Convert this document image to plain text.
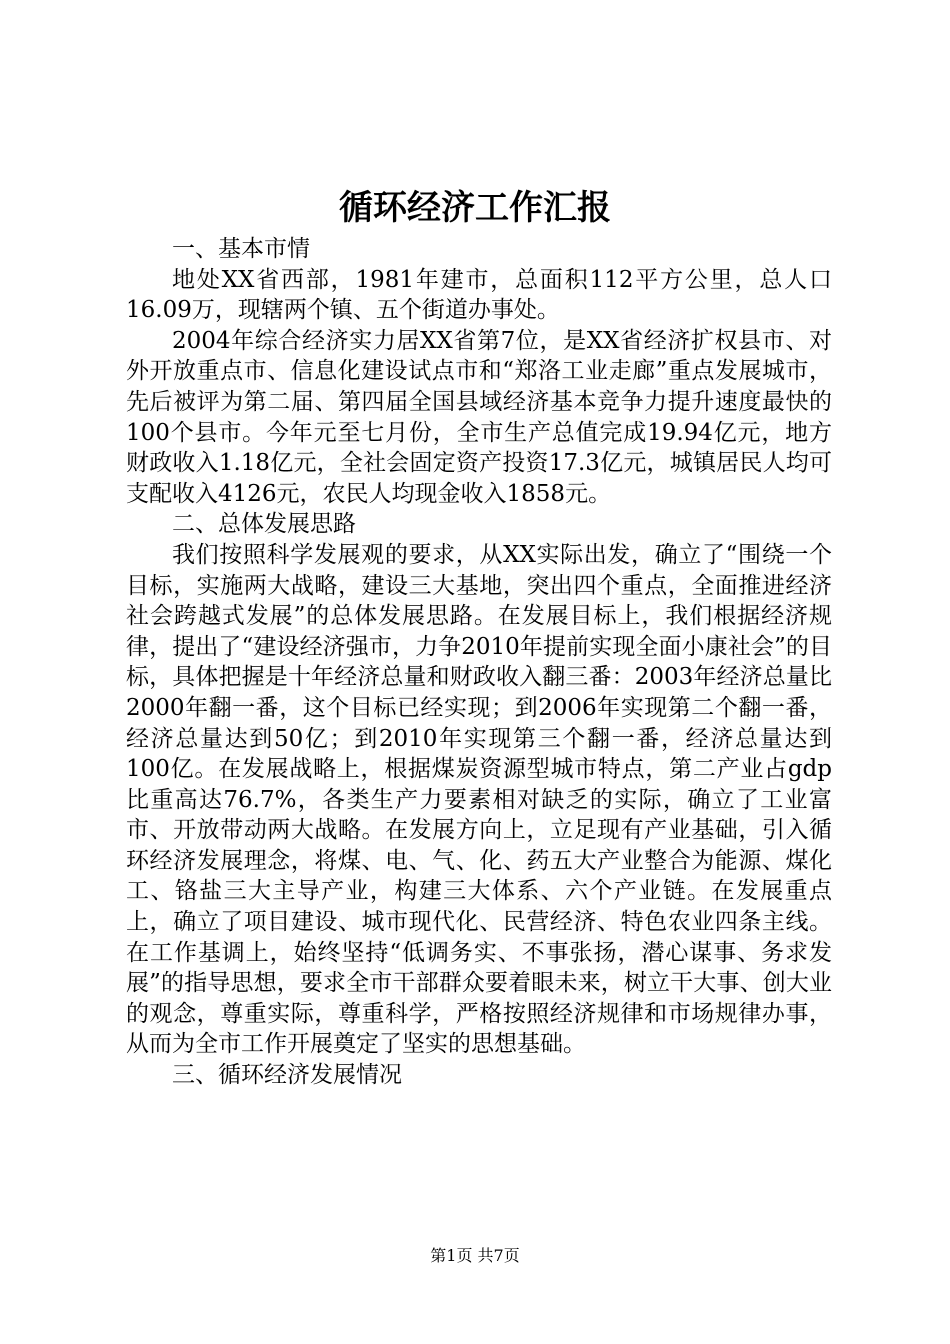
循环经济工作汇报

一、基本市情

地处XX省西部，1981年建市，总面积112平方公里，总人口16.09万，现辖两个镇、五个街道办事处。

2004年综合经济实力居XX省第7位，是XX省经济扩权县市、对外开放重点市、信息化建设试点市和“郑洛工业走廊”重点发展城市，先后被评为第二届、第四届全国县域经济基本竞争力提升速度最快的100个县市。今年元至七月份，全市生产总值完成19.94亿元，地方财政收入1.18亿元，全社会固定资产投资17.3亿元，城镇居民人均可支配收入4126元，农民人均现金收入1858元。

二、总体发展思路

我们按照科学发展观的要求，从XX实际出发，确立了“围绕一个目标，实施两大战略，建设三大基地，突出四个重点，全面推进经济社会跨越式发展”的总体发展思路。在发展目标上，我们根据经济规律，提出了“建设经济强市，力争2010年提前实现全面小康社会”的目标，具体把握是十年经济总量和财政收入翻三番：2003年经济总量比2000年翻一番，这个目标已经实现；到2006年实现第二个翻一番，经济总量达到50亿；到2010年实现第三个翻一番，经济总量达到100亿。在发展战略上，根据煤炭资源型城市特点，第二产业占gdp比重高达76.7%，各类生产力要素相对缺乏的实际，确立了工业富市、开放带动两大战略。在发展方向上，立足现有产业基础，引入循环经济发展理念，将煤、电、气、化、药五大产业整合为能源、煤化工、铬盐三大主导产业，构建三大体系、六个产业链。在发展重点上，确立了项目建设、城市现代化、民营经济、特色农业四条主线。在工作基调上，始终坚持“低调务实、不事张扬，潜心谋事、务求发展”的指导思想，要求全市干部群众要着眼未来，树立干大事、创大业的观念，尊重实际，尊重科学，严格按照经济规律和市场规律办事，从而为全市工作开展奠定了坚实的思想基础。

三、循环经济发展情况

第1页 共7页
